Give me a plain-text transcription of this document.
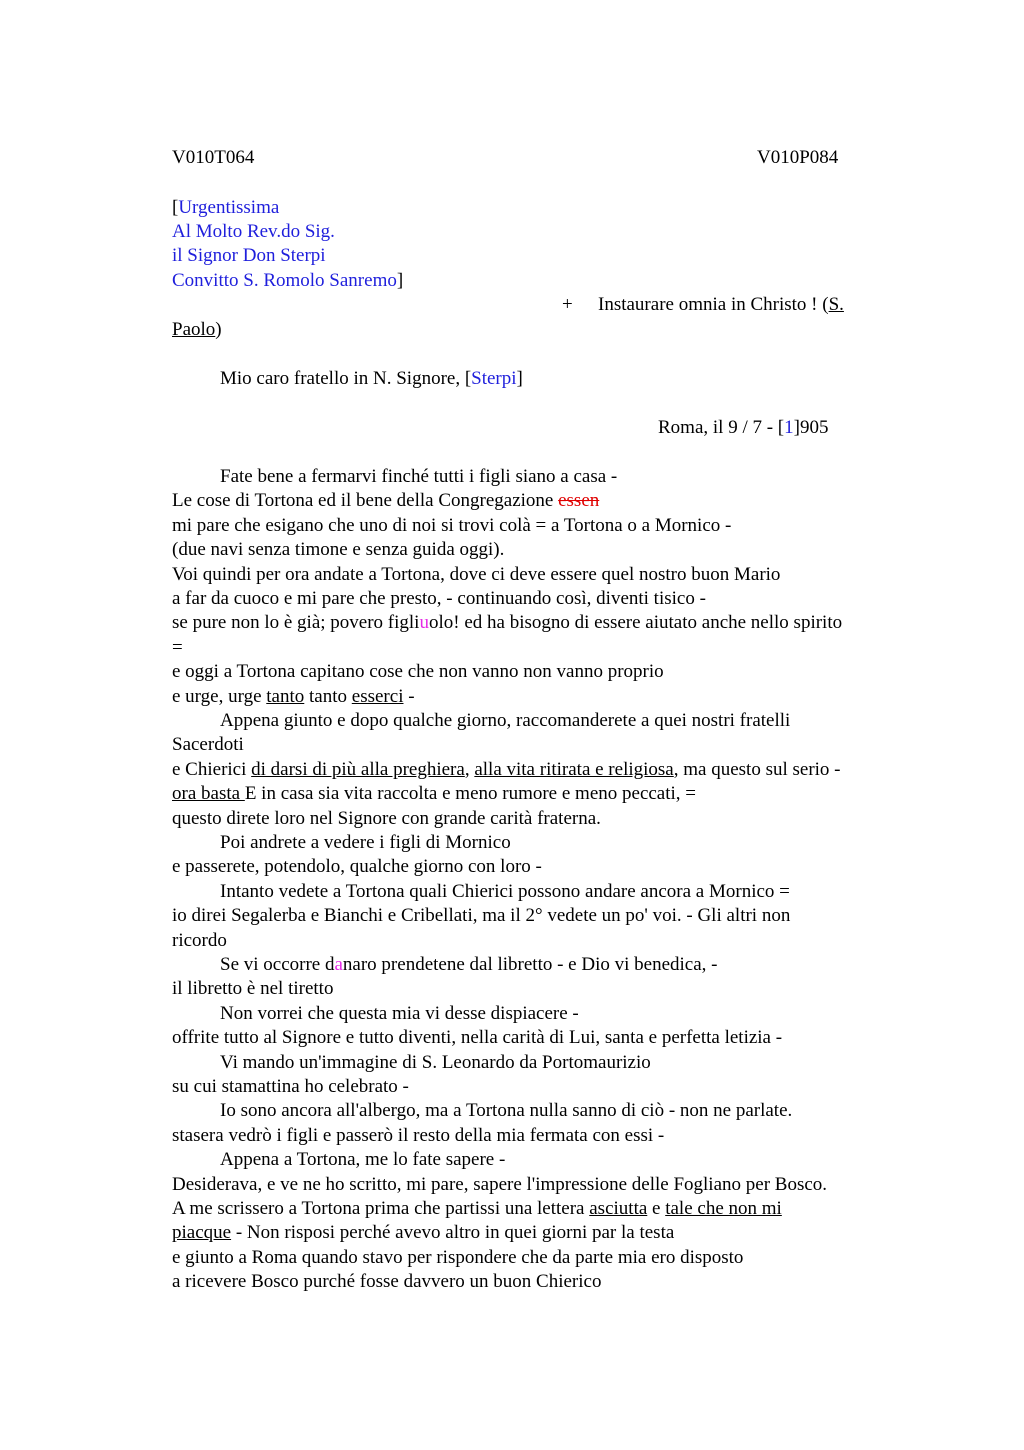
V010T064	V010P084
[Urgentissima
Al Molto Rev.do Sig.
il Signor Don Sterpi
Convitto S. Romolo Sanremo]
+ Instaurare omnia in Christo ! (S.
Paolo)
Mio caro fratello in N. Signore, [Sterpi]
Roma, il 9 / 7 - [1]905
Fate bene a fermarvi finché tutti i figli siano a casa -
Le cose di Tortona ed il bene della Congregazione essen
mi pare che esigano che uno di noi si trovi colà = a Tortona o a Mornico -
(due navi senza timone e senza guida oggi).
Voi quindi per ora andate a Tortona, dove ci deve essere quel nostro buon Mario
a far da cuoco e mi pare che presto, - continuando così, diventi tisico -
se pure non lo è già; povero figliuolo! ed ha bisogno di essere aiutato anche nello spirito
=
e oggi a Tortona capitano cose che non vanno non vanno proprio
e urge, urge tanto tanto esserci -
Appena giunto e dopo qualche giorno, raccomanderete a quei nostri fratelli
Sacerdoti
e Chierici di darsi di più alla preghiera, alla vita ritirata e religiosa, ma questo sul serio -
ora basta E in casa sia vita raccolta e meno rumore e meno peccati, =
questo direte loro nel Signore con grande carità fraterna.
Poi andrete a vedere i figli di Mornico
e passerete, potendolo, qualche giorno con loro -
Intanto vedete a Tortona quali Chierici possono andare ancora a Mornico =
io direi Segalerba e Bianchi e Cribellati, ma il 2° vedete un po' voi. - Gli altri non
ricordo
Se vi occorre danaro prendetene dal libretto - e Dio vi benedica, -
il libretto è nel tiretto
Non vorrei che questa mia vi desse dispiacere -
offrite tutto al Signore e tutto diventi, nella carità di Lui, santa e perfetta letizia -
Vi mando un'immagine di S. Leonardo da Portomaurizio
su cui stamattina ho celebrato -
Io sono ancora all'albergo, ma a Tortona nulla sanno di ciò - non ne parlate.
stasera vedrò i figli e passerò il resto della mia fermata con essi -
Appena a Tortona, me lo fate sapere -
Desiderava, e ve ne ho scritto, mi pare, sapere l'impressione delle Fogliano per Bosco.
A me scrissero a Tortona prima che partissi una lettera asciutta e tale che non mi
piacque - Non risposi perché avevo altro in quei giorni par la testa
e giunto a Roma quando stavo per rispondere che da parte mia ero disposto
a ricevere Bosco purché fosse davvero un buon Chierico
